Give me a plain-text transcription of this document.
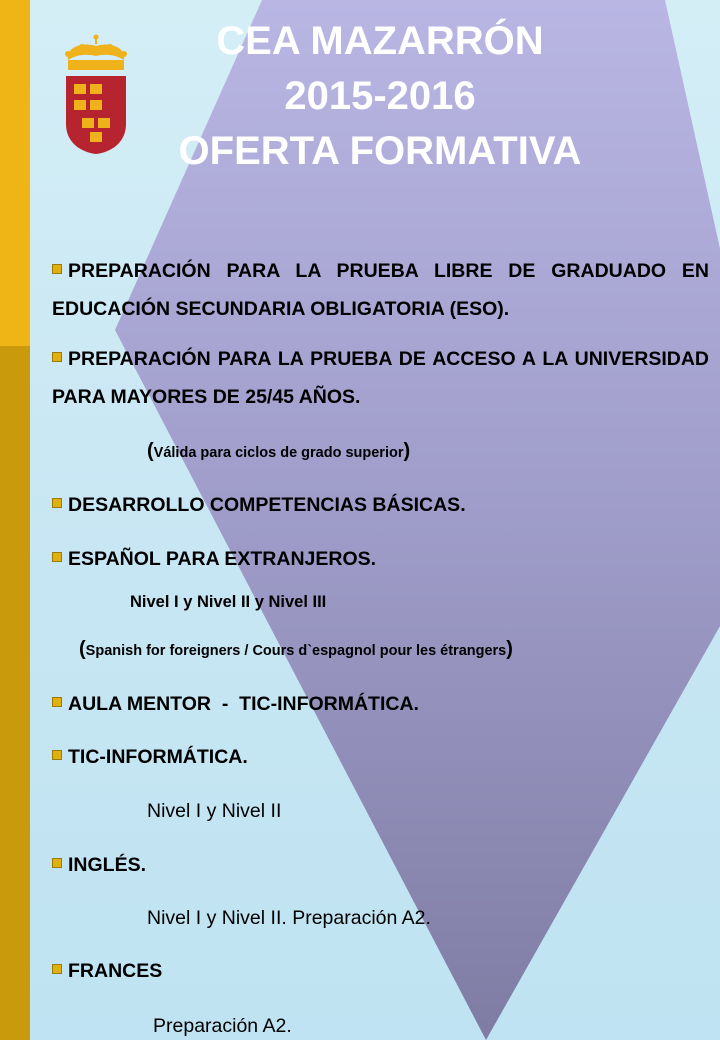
CEA MAZARRÓN
2015-2016
OFERTA FORMATIVA
PREPARACIÓN PARA LA PRUEBA LIBRE DE GRADUADO EN EDUCACIÓN SECUNDARIA OBLIGATORIA (ESO).
PREPARACIÓN PARA LA PRUEBA DE ACCESO A LA UNIVERSIDAD PARA MAYORES DE 25/45 AÑOS.
(Válida para ciclos de grado superior)
DESARROLLO COMPETENCIAS BÁSICAS.
ESPAÑOL PARA EXTRANJEROS.
Nivel I y Nivel II y Nivel III
(Spanish for foreigners / Cours d`espagnol pour les étrangers)
AULA MENTOR  -  TIC-INFORMÁTICA.
TIC-INFORMÁTICA.
Nivel I y Nivel II
INGLÉS.
Nivel I y Nivel II. Preparación A2.
FRANCES
Preparación A2.
